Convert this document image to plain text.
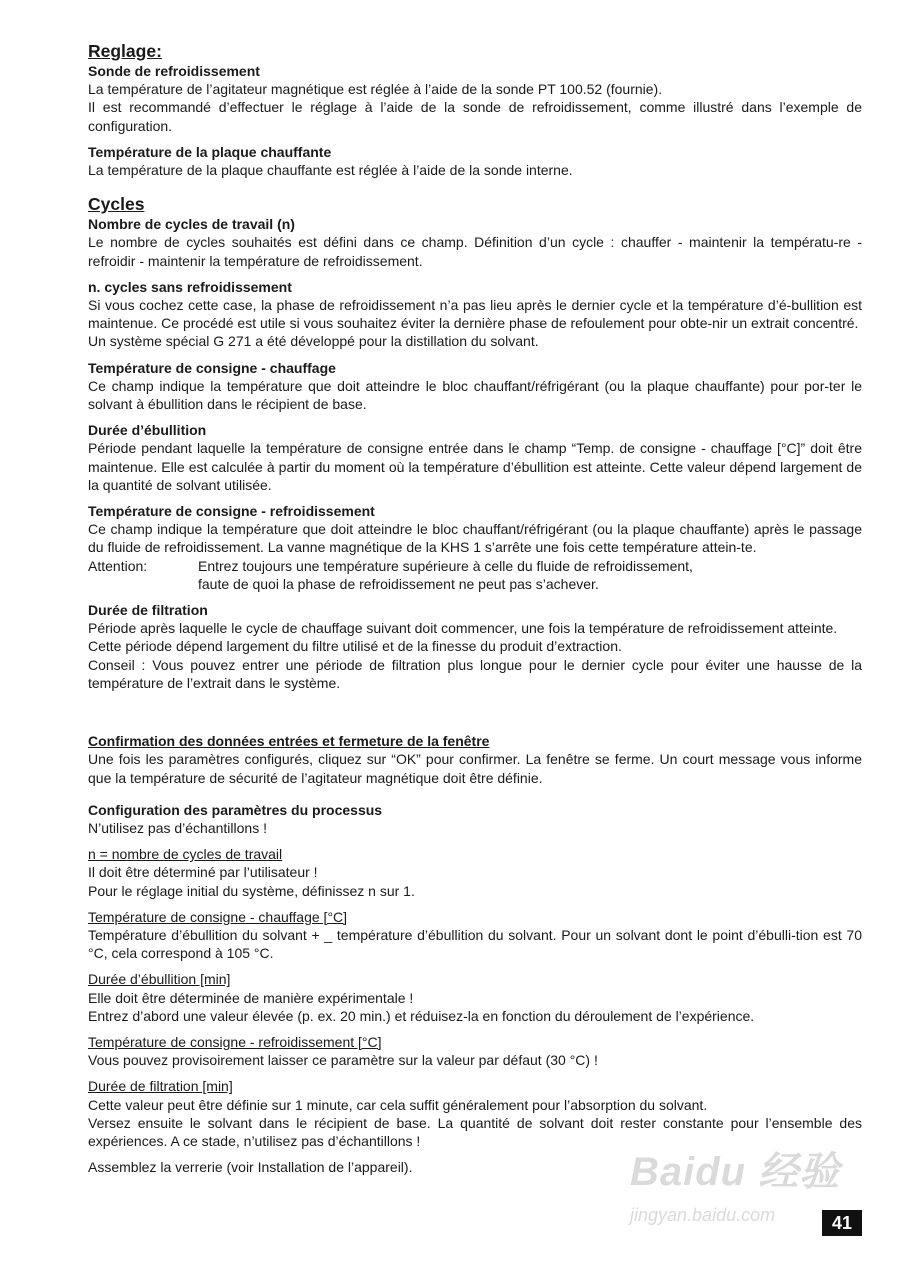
Reglage:

Sonde de refroidissement

La température de l’agitateur magnétique est réglée à l’aide de la sonde PT 100.52 (fournie).

Il est recommandé d’effectuer le réglage à l’aide de la sonde de refroidissement, comme illustré dans l’exemple de configuration.

Température de la plaque chauffante

La température de la plaque chauffante est réglée à l’aide de la sonde interne.

Cycles

Nombre de cycles de travail (n)

Le nombre de cycles souhaités est défini dans ce champ. Définition d’un cycle : chauffer - maintenir la températu-re - refroidir - maintenir la température de refroidissement.

n. cycles sans refroidissement

Si vous cochez cette case, la phase de refroidissement n’a pas lieu après le dernier cycle et la température d’é-bullition est maintenue. Ce procédé est utile si vous souhaitez éviter la dernière phase de refoulement pour obte-nir un extrait concentré.

Un système spécial G 271 a été développé pour la distillation du solvant.

Température de consigne - chauffage

Ce champ indique la température que doit atteindre le bloc chauffant/réfrigérant (ou la plaque chauffante) pour por-ter le solvant à ébullition dans le récipient de base.

Durée d’ébullition

Période pendant laquelle la température de consigne entrée dans le champ “Temp. de consigne - chauffage [°C]” doit être maintenue. Elle est calculée à partir du moment où la température d’ébullition est atteinte. Cette valeur dépend largement de la quantité de solvant utilisée.

Température de consigne - refroidissement

Ce champ indique la température que doit atteindre le bloc chauffant/réfrigérant (ou la plaque chauffante) après le passage du fluide de refroidissement. La vanne magnétique de la KHS 1 s’arrête une fois cette température attein-te.

Attention:	Entrez toujours une température supérieure à celle du fluide de refroidissement,
faute de quoi la phase de refroidissement ne peut pas s’achever.

Durée de filtration

Période après laquelle le cycle de chauffage suivant doit commencer, une fois la température de refroidissement atteinte.

Cette période dépend largement du filtre utilisé et de la finesse du produit d’extraction.

Conseil : Vous pouvez entrer une période de filtration plus longue pour le dernier cycle pour éviter une hausse de la température de l’extrait dans le système.

Confirmation des données entrées et fermeture de la fenêtre

Une fois les paramètres configurés, cliquez sur “OK” pour confirmer. La fenêtre se ferme. Un court message vous informe que la température de sécurité de l’agitateur magnétique doit être définie.

Configuration des paramètres du processus

N’utilisez pas d’échantillons !

n = nombre de cycles de travail

Il doit être déterminé par l’utilisateur !

Pour le réglage initial du système, définissez n sur 1.

Température de consigne - chauffage [°C]

Température d’ébullition du solvant + _ température d’ébullition du solvant. Pour un solvant dont le point d’ébulli-tion est 70 °C, cela correspond à 105 °C.

Durée d’ébullition [min]

Elle doit être déterminée de manière expérimentale !

Entrez d’abord une valeur élevée (p. ex. 20 min.) et réduisez-la en fonction du déroulement de l’expérience.

Température de consigne - refroidissement [°C]

Vous pouvez provisoirement laisser ce paramètre sur la valeur par défaut (30 °C) !

Durée de filtration [min]

Cette valeur peut être définie sur 1 minute, car cela suffit généralement pour l’absorption du solvant.

Versez ensuite le solvant dans le récipient de base. La quantité de solvant doit rester constante pour l’ensemble des expériences. A ce stade, n’utilisez pas d’échantillons !

Assemblez la verrerie (voir Installation de l’appareil).	Baidu 经验
jingyan.baidu.com	41
